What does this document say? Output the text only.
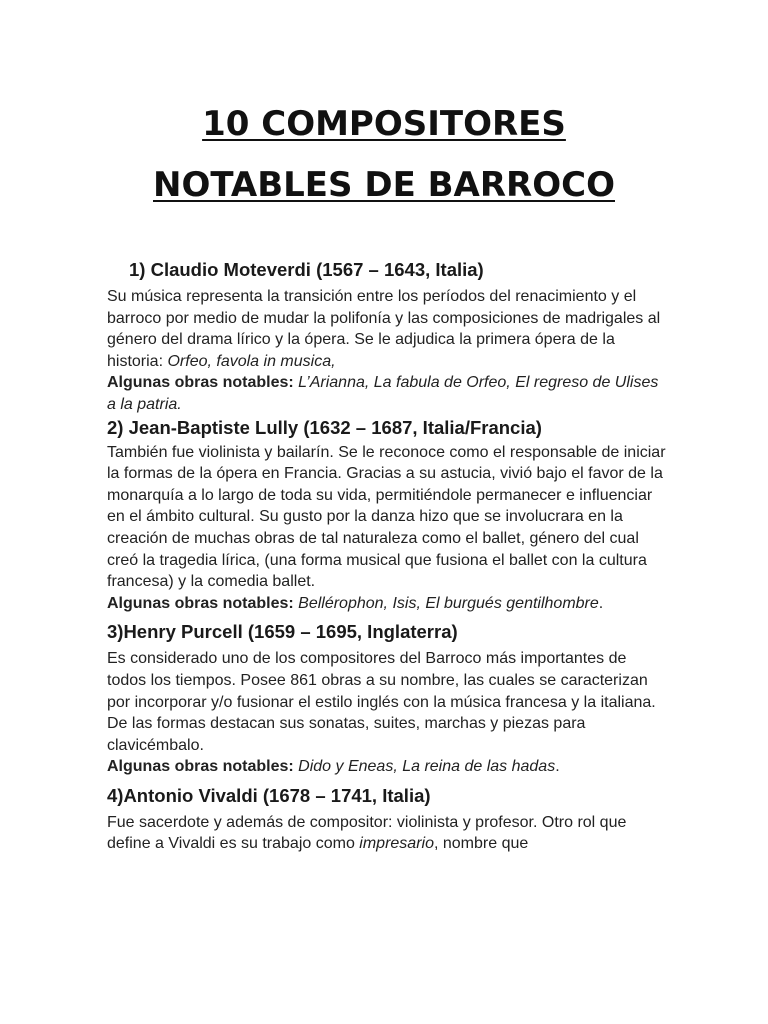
10 COMPOSITORES
NOTABLES DE BARROCO
1) Claudio Moteverdi (1567 – 1643, Italia)

Su música representa la transición entre los períodos del renacimiento y el barroco por medio de mudar la polifonía y las composiciones de madrigales al género del drama lírico y la ópera. Se le adjudica la primera ópera de la historia: Orfeo, favola in musica,

Algunas obras notables: L’Arianna, La fabula de Orfeo, El regreso de Ulises a la patria.

2) Jean-Baptiste Lully (1632 – 1687, Italia/Francia)

También fue violinista y bailarín. Se le reconoce como el responsable de iniciar la formas de la ópera en Francia. Gracias a su astucia, vivió bajo el favor de la monarquía a lo largo de toda su vida, permitiéndole permanecer e influenciar en el ámbito cultural. Su gusto por la danza hizo que se involucrara en la creación de muchas obras de tal naturaleza como el ballet, género del cual creó la tragedia lírica, (una forma musical que fusiona el ballet con la cultura francesa) y la comedia ballet.

Algunas obras notables: Bellérophon, Isis, El burgués gentilhombre.

3)Henry Purcell (1659 – 1695, Inglaterra)

Es considerado uno de los compositores del Barroco más importantes de todos los tiempos. Posee 861 obras a su nombre, las cuales se caracterizan por incorporar y/o fusionar el estilo inglés con la música francesa y la italiana. De las formas destacan sus sonatas, suites, marchas y piezas para clavicémbalo.

Algunas obras notables: Dido y Eneas, La reina de las hadas.

4)Antonio Vivaldi (1678 – 1741, Italia)

Fue sacerdote y además de compositor: violinista y profesor. Otro rol que define a Vivaldi es su trabajo como impresario, nombre que
